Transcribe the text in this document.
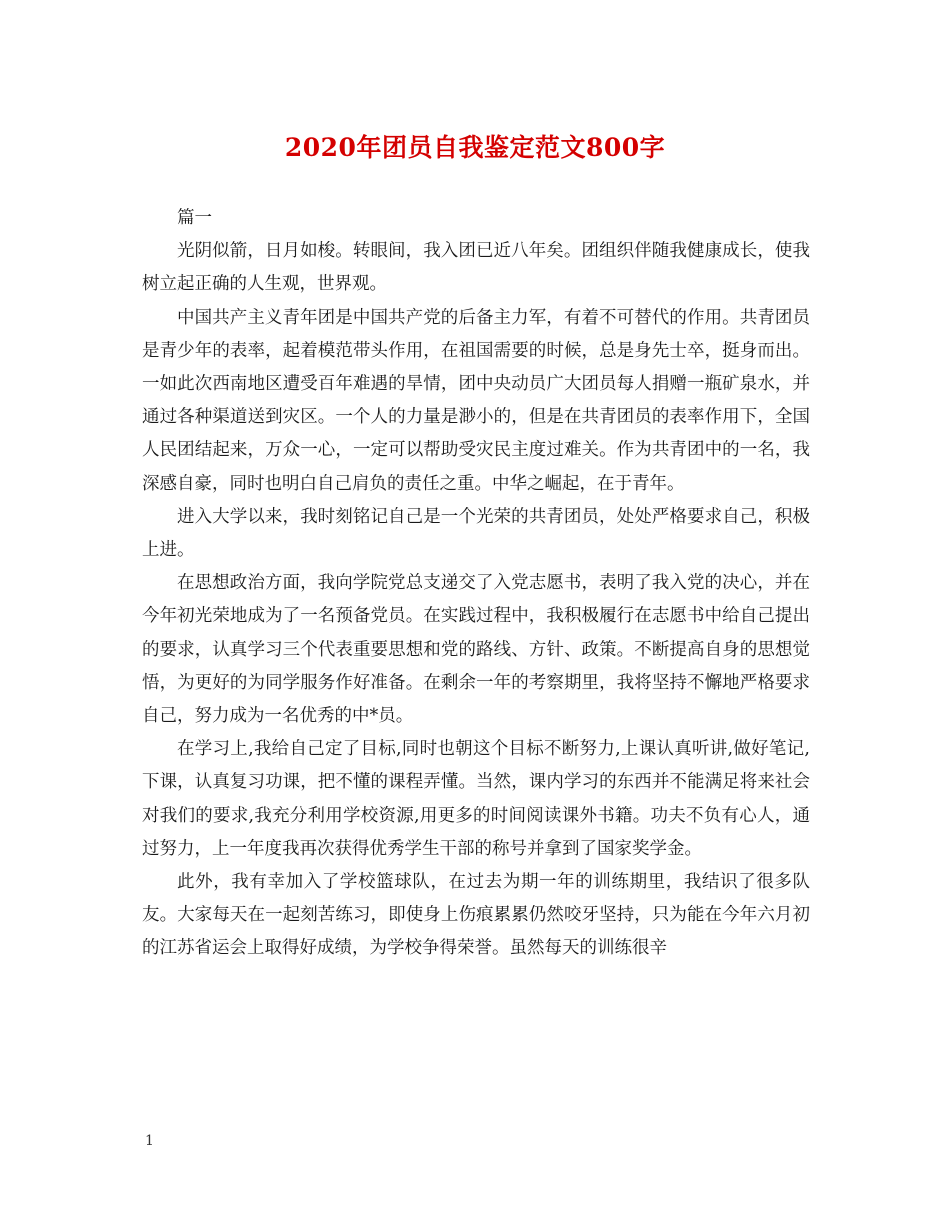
2020年团员自我鉴定范文800字

篇一

光阴似箭，日月如梭。转眼间，我入团已近八年矣。团组织伴随我健康成长，使我树立起正确的人生观，世界观。

中国共产主义青年团是中国共产党的后备主力军，有着不可替代的作用。共青团员是青少年的表率，起着模范带头作用，在祖国需要的时候，总是身先士卒，挺身而出。一如此次西南地区遭受百年难遇的旱情，团中央动员广大团员每人捐赠一瓶矿泉水，并通过各种渠道送到灾区。一个人的力量是渺小的，但是在共青团员的表率作用下，全国人民团结起来，万众一心，一定可以帮助受灾民主度过难关。作为共青团中的一名，我深感自豪，同时也明白自己肩负的责任之重。中华之崛起，在于青年。

进入大学以来，我时刻铭记自己是一个光荣的共青团员，处处严格要求自己，积极上进。

在思想政治方面，我向学院党总支递交了入党志愿书，表明了我入党的决心，并在今年初光荣地成为了一名预备党员。在实践过程中，我积极履行在志愿书中给自己提出的要求，认真学习三个代表重要思想和党的路线、方针、政策。不断提高自身的思想觉悟，为更好的为同学服务作好准备。在剩余一年的考察期里，我将坚持不懈地严格要求自己，努力成为一名优秀的中*员。

在学习上,我给自己定了目标,同时也朝这个目标不断努力,上课认真听讲,做好笔记,下课，认真复习功课，把不懂的课程弄懂。当然，课内学习的东西并不能满足将来社会对我们的要求,我充分利用学校资源,用更多的时间阅读课外书籍。功夫不负有心人，通过努力，上一年度我再次获得优秀学生干部的称号并拿到了国家奖学金。

此外，我有幸加入了学校篮球队，在过去为期一年的训练期里，我结识了很多队友。大家每天在一起刻苦练习，即使身上伤痕累累仍然咬牙坚持，只为能在今年六月初的江苏省运会上取得好成绩，为学校争得荣誉。虽然每天的训练很辛

1
